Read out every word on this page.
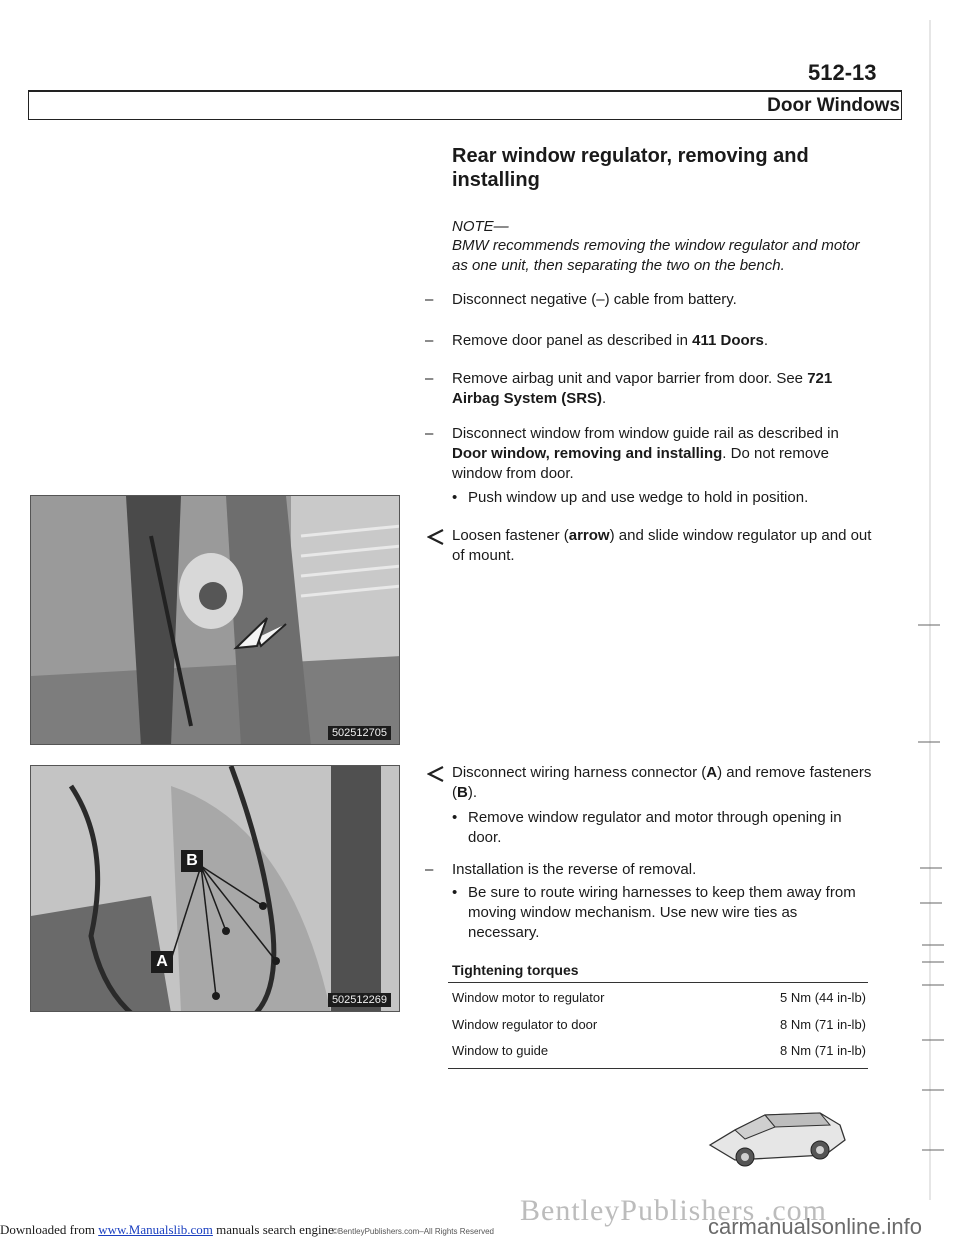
512-13
Door Windows
Rear window regulator, removing and installing
NOTE—
BMW recommends removing the window regulator and motor as one unit, then separating the two on the bench.
– Disconnect negative (–) cable from battery.
– Remove door panel as described in 411 Doors.
– Remove airbag unit and vapor barrier from door. See 721 Airbag System (SRS).
– Disconnect window from window guide rail as described in Door window, removing and installing. Do not remove window from door.
• Push window up and use wedge to hold in position.
Loosen fastener (arrow) and slide window regulator up and out of mount.
Disconnect wiring harness connector (A) and remove fasteners (B).
• Remove window regulator and motor through opening in door.
– Installation is the reverse of removal.
• Be sure to route wiring harnesses to keep them away from moving window mechanism. Use new wire ties as necessary.
502512705
B
A
502512269
Tightening torques
Window motor to regulator	5 Nm (44 in-lb)
Window regulator to door	8 Nm (71 in-lb)
Window to guide	8 Nm (71 in-lb)
BentleyPublishers .com
Downloaded from www.Manualslib.com manuals search engine
©BentleyPublishers.com–All Rights Reserved	carmanualsonline.info
